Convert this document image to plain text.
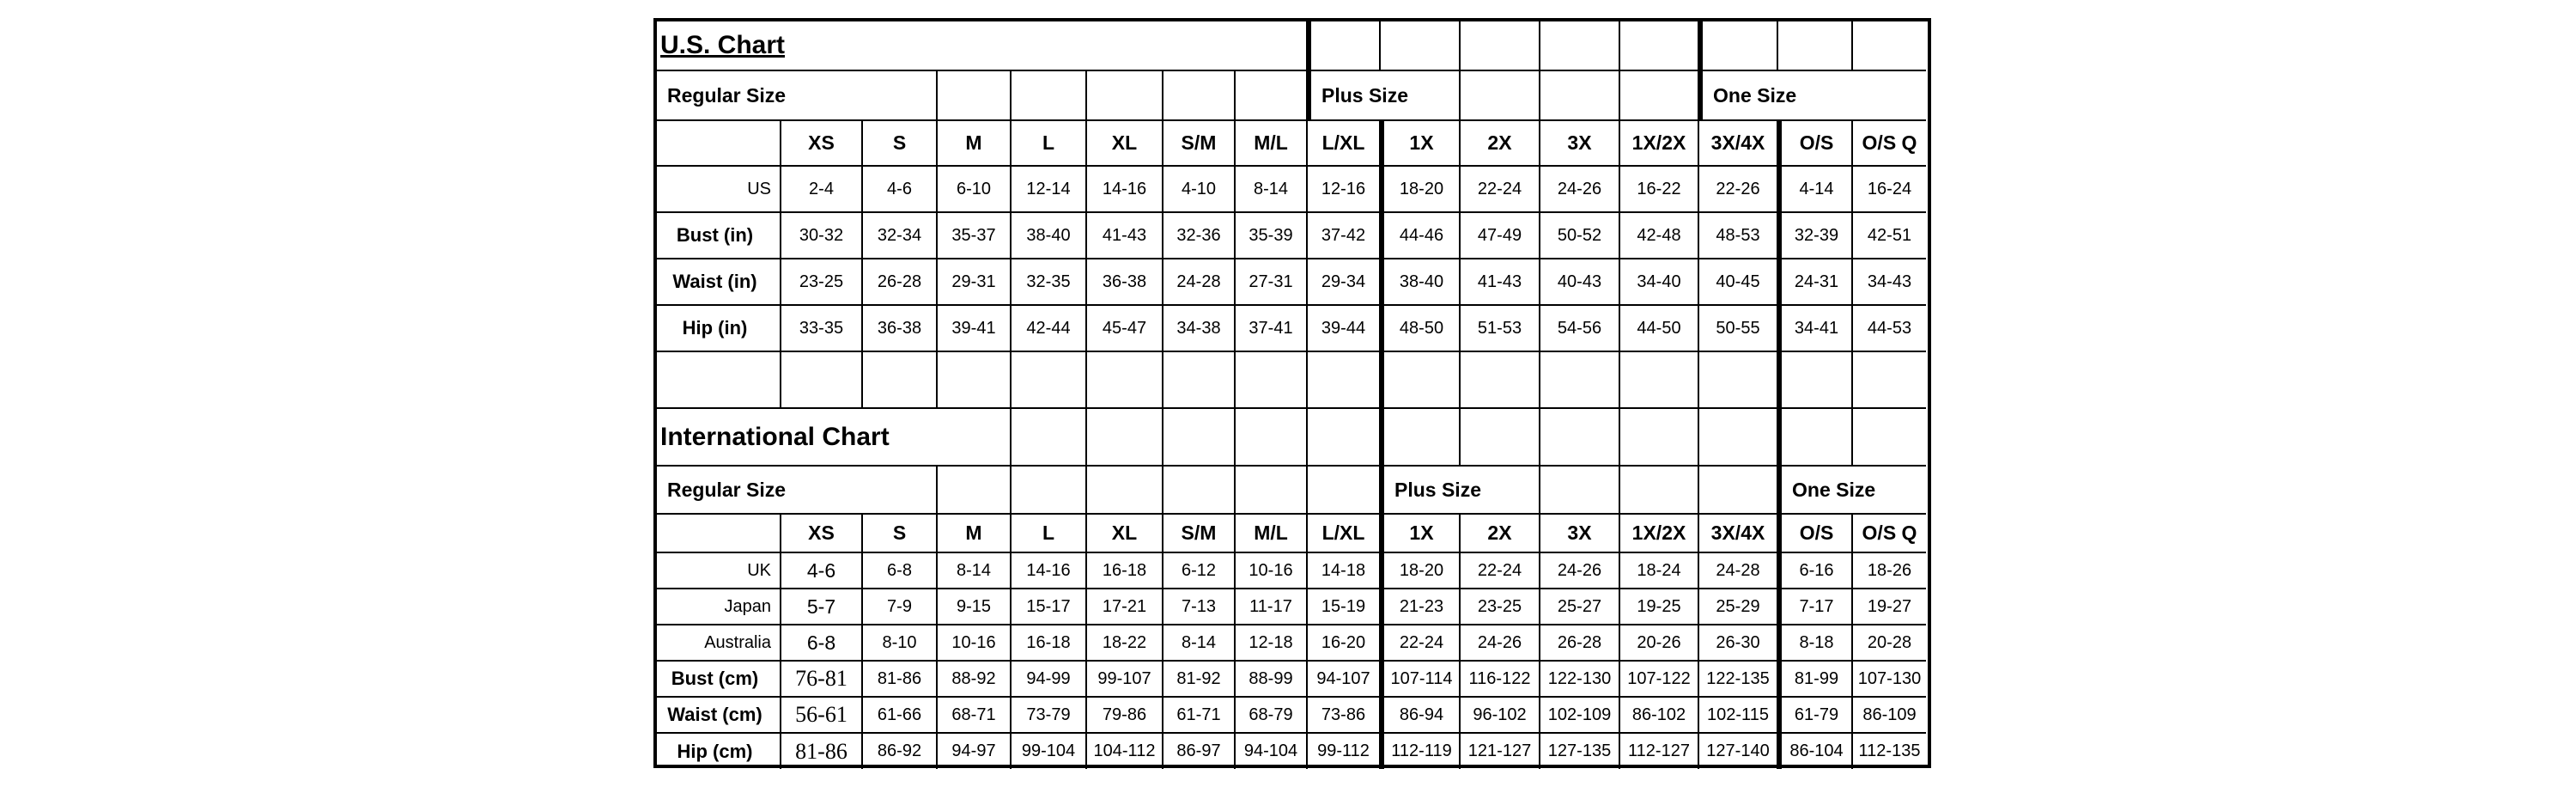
U.S. Chart
Regular Size	Plus Size	One Size
XS	S	M	L	XL	S/M	M/L	L/XL	1X	2X	3X	1X/2X	3X/4X	O/S	O/S Q
US	2-4	4-6	6-10	12-14	14-16	4-10	8-14	12-16	18-20	22-24	24-26	16-22	22-26	4-14	16-24
Bust (in)	30-32	32-34	35-37	38-40	41-43	32-36	35-39	37-42	44-46	47-49	50-52	42-48	48-53	32-39	42-51
Waist (in)	23-25	26-28	29-31	32-35	36-38	24-28	27-31	29-34	38-40	41-43	40-43	34-40	40-45	24-31	34-43
Hip (in)	33-35	36-38	39-41	42-44	45-47	34-38	37-41	39-44	48-50	51-53	54-56	44-50	50-55	34-41	44-53
International Chart
Regular Size	Plus Size	One Size
XS	S	M	L	XL	S/M	M/L	L/XL	1X	2X	3X	1X/2X	3X/4X	O/S	O/S Q
UK	4-6	6-8	8-14	14-16	16-18	6-12	10-16	14-18	18-20	22-24	24-26	18-24	24-28	6-16	18-26
Japan	5-7	7-9	9-15	15-17	17-21	7-13	11-17	15-19	21-23	23-25	25-27	19-25	25-29	7-17	19-27
Australia	6-8	8-10	10-16	16-18	18-22	8-14	12-18	16-20	22-24	24-26	26-28	20-26	26-30	8-18	20-28
Bust (cm)	76-81	81-86	88-92	94-99	99-107	81-92	88-99	94-107	107-114 116-122	122-130 107-122 122-135	81-99	107-130
Waist (cm)	56-61	61-66	68-71	73-79	79-86	61-71	68-79	73-86	86-94	96-102	102-109	86-102	102-115	61-79	86-109
Hip (cm)	81-86	86-92	94-97	99-104	104-112	86-97	94-104	99-112	112-119 121-127 127-135 112-127 127-140	86-104 112-135
